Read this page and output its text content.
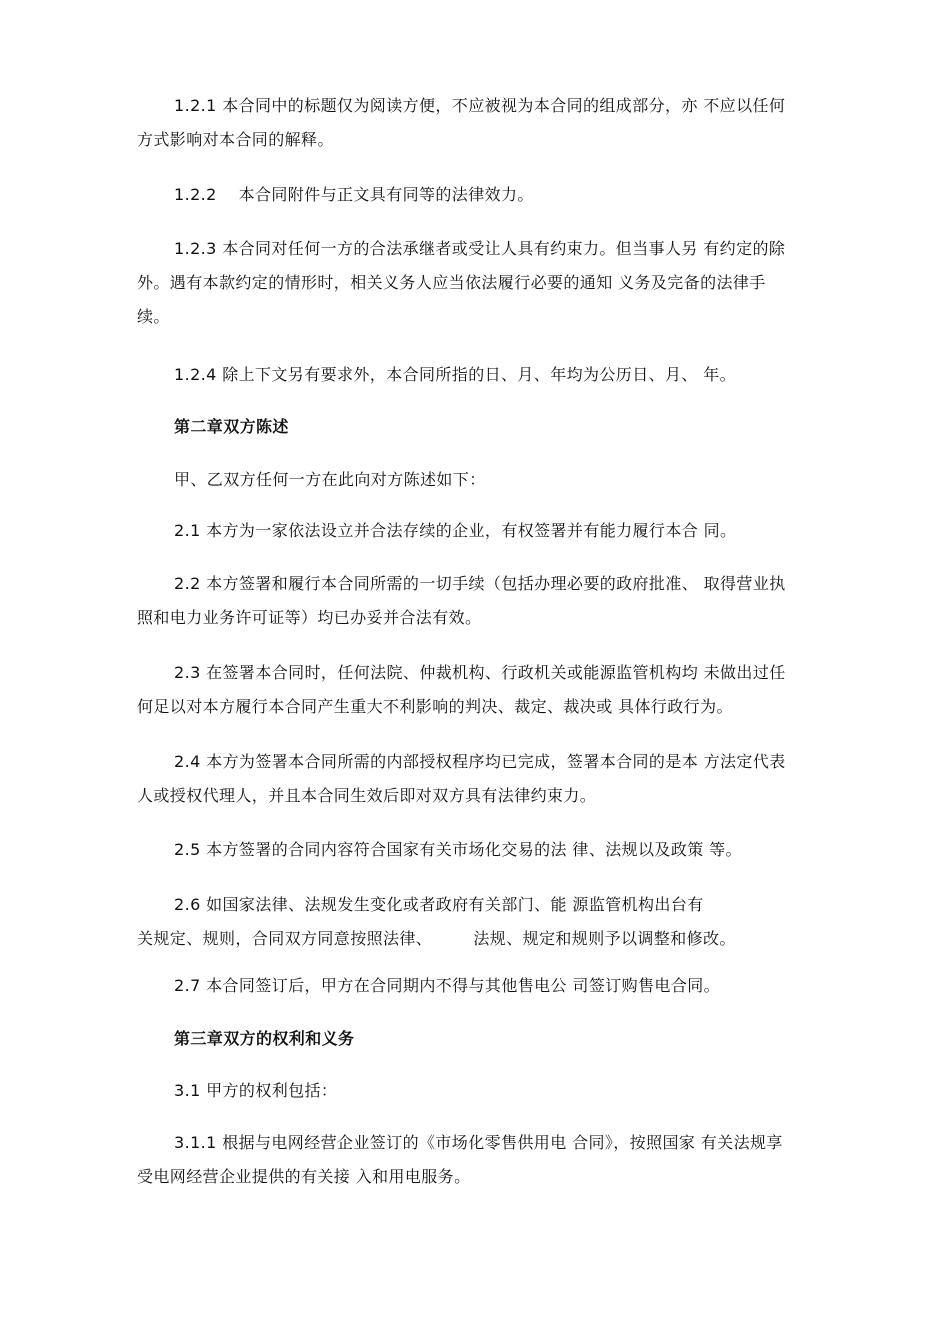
1.2.1 本合同中的标题仅为阅读方便，不应被视为本合同的组成部分，亦 不应以任何
方式影响对本合同的解释。

1.2.2　 本合同附件与正文具有同等的法律效力。

1.2.3 本合同对任何一方的合法承继者或受让人具有约束力。但当事人另 有约定的除
外。遇有本款约定的情形时，相关义务人应当依法履行必要的通知 义务及完备的法律手
续。

1.2.4 除上下文另有要求外，本合同所指的日、月、年均为公历日、月、 年。

第二章双方陈述

甲、乙双方任何一方在此向对方陈述如下：

2.1 本方为一家依法设立并合法存续的企业，有权签署并有能力履行本合 同。

2.2 本方签署和履行本合同所需的一切手续（包括办理必要的政府批准、 取得营业执
照和电力业务许可证等）均已办妥并合法有效。

2.3 在签署本合同时，任何法院、仲裁机构、行政机关或能源监管机构均 未做出过任
何足以对本方履行本合同产生重大不利影响的判决、裁定、裁决或 具体行政行为。

2.4 本方为签署本合同所需的内部授权程序均已完成，签署本合同的是本 方法定代表
人或授权代理人，并且本合同生效后即对双方具有法律约束力。

2.5 本方签署的合同内容符合国家有关市场化交易的法 律、法规以及政策 等。

2.6 如国家法律、法规发生变化或者政府有关部门、能 源监管机构出台有
关规定、规则，合同双方同意按照法律、　　　法规、规定和规则予以调整和修改。

2.7 本合同签订后，甲方在合同期内不得与其他售电公 司签订购售电合同。

第三章双方的权利和义务

3.1 甲方的权利包括：

3.1.1 根据与电网经营企业签订的《市场化零售供用电 合同》，按照国家 有关法规享
受电网经营企业提供的有关接 入和用电服务。
